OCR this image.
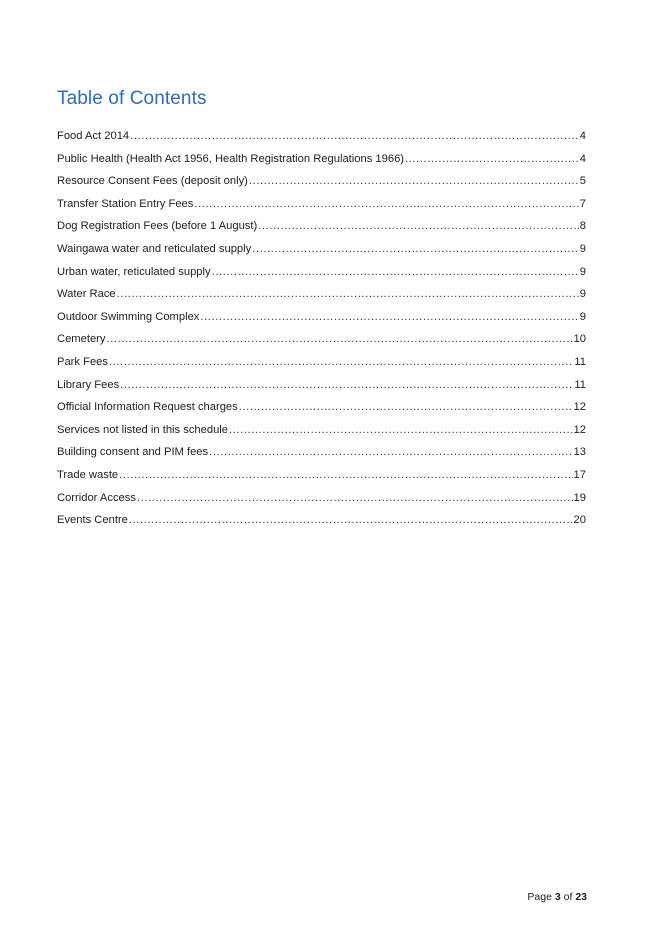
Table of Contents
Food Act 2014 .....	4
Public Health (Health Act 1956, Health Registration Regulations 1966) .....	4
Resource Consent Fees (deposit only) .....	5
Transfer Station Entry Fees .....	7
Dog Registration Fees (before 1 August) .....	8
Waingawa water and reticulated supply .....	9
Urban water, reticulated supply .....	9
Water Race .....	9
Outdoor Swimming Complex .....	9
Cemetery .....	10
Park Fees .....	11
Library Fees .....	11
Official Information Request charges .....	12
Services not listed in this schedule .....	12
Building consent and PIM fees .....	13
Trade waste .....	17
Corridor Access .....	19
Events Centre .....	20
Page 3 of 23
